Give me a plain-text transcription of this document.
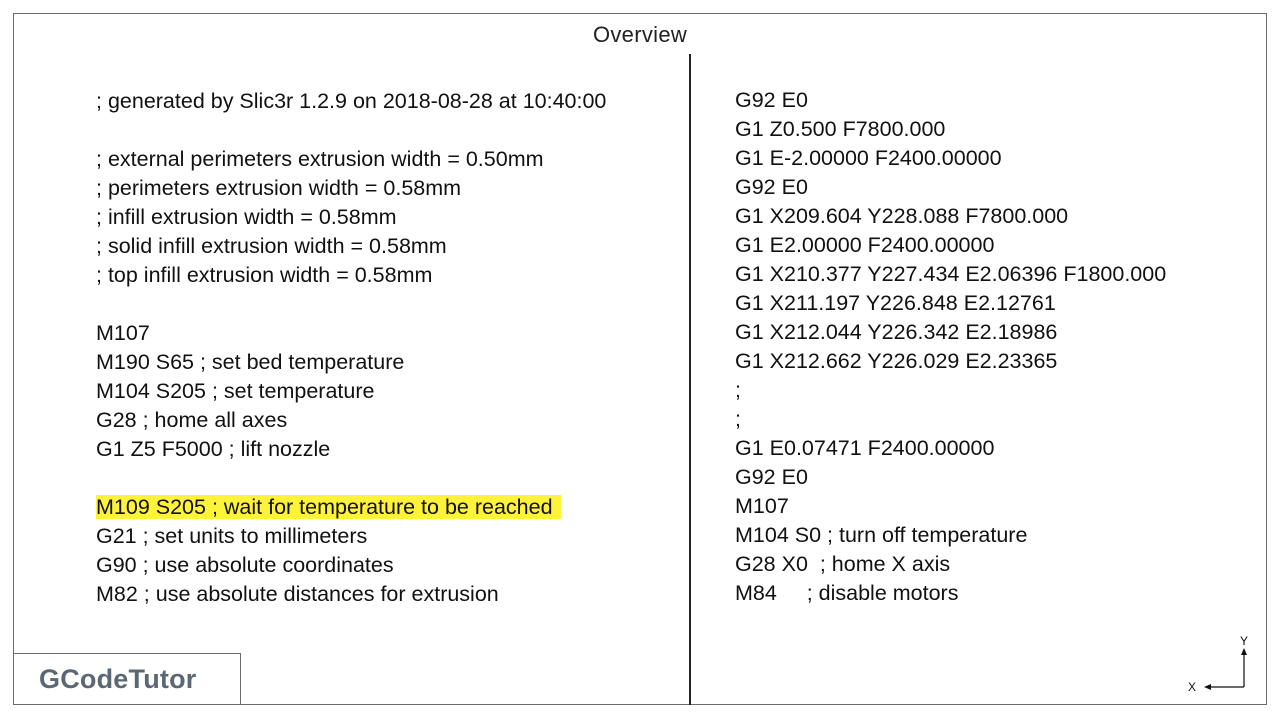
Overview
; generated by Slic3r 1.2.9 on 2018-08-28 at 10:40:00
; external perimeters extrusion width = 0.50mm
; perimeters extrusion width = 0.58mm
; infill extrusion width = 0.58mm
; solid infill extrusion width = 0.58mm
; top infill extrusion width = 0.58mm
M107
M190 S65 ; set bed temperature
M104 S205 ; set temperature
G28 ; home all axes
G1 Z5 F5000 ; lift nozzle
M109 S205 ; wait for temperature to be reached
G21 ; set units to millimeters
G90 ; use absolute coordinates
M82 ; use absolute distances for extrusion
G92 E0
G1 Z0.500 F7800.000
G1 E-2.00000 F2400.00000
G92 E0
G1 X209.604 Y228.088 F7800.000
G1 E2.00000 F2400.00000
G1 X210.377 Y227.434 E2.06396 F1800.000
G1 X211.197 Y226.848 E2.12761
G1 X212.044 Y226.342 E2.18986
G1 X212.662 Y226.029 E2.23365
;
;
G1 E0.07471 F2400.00000
G92 E0
M107
M104 S0 ; turn off temperature
G28 X0  ; home X axis
M84     ; disable motors
GCodeTutor
Y
X
